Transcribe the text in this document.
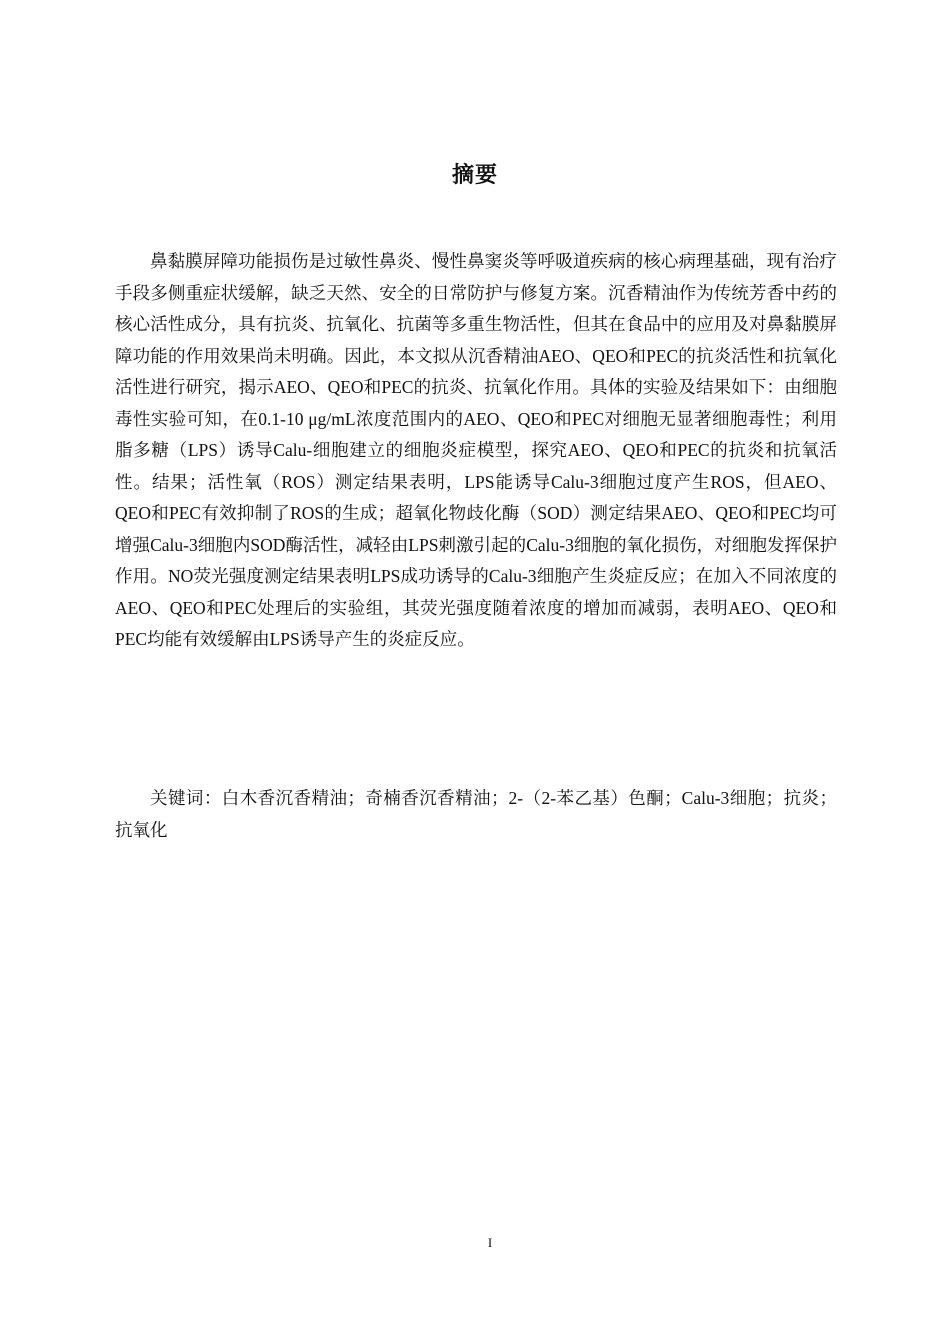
摘要

鼻黏膜屏障功能损伤是过敏性鼻炎、慢性鼻窦炎等呼吸道疾病的核心病理基础，现有治疗手段多侧重症状缓解，缺乏天然、安全的日常防护与修复方案。沉香精油作为传统芳香中药的核心活性成分，具有抗炎、抗氧化、抗菌等多重生物活性，但其在食品中的应用及对鼻黏膜屏障功能的作用效果尚未明确。因此，本文拟从沉香精油AEO、QEO和PEC的抗炎活性和抗氧化活性进行研究，揭示AEO、QEO和PEC的抗炎、抗氧化作用。具体的实验及结果如下：由细胞毒性实验可知，在0.1-10 μg/mL浓度范围内的AEO、QEO和PEC对细胞无显著细胞毒性；利用脂多糖（LPS）诱导Calu-细胞建立的细胞炎症模型，探究AEO、QEO和PEC的抗炎和抗氧活性。结果；活性氧（ROS）测定结果表明，LPS能诱导Calu-3细胞过度产生ROS，但AEO、QEO和PEC有效抑制了ROS的生成；超氧化物歧化酶（SOD）测定结果AEO、QEO和PEC均可增强Calu-3细胞内SOD酶活性，减轻由LPS刺激引起的Calu-3细胞的氧化损伤，对细胞发挥保护作用。NO荧光强度测定结果表明LPS成功诱导的Calu-3细胞产生炎症反应；在加入不同浓度的AEO、QEO和PEC处理后的实验组，其荧光强度随着浓度的增加而减弱，表明AEO、QEO和PEC均能有效缓解由LPS诱导产生的炎症反应。

关键词：白木香沉香精油；奇楠香沉香精油；2-（2-苯乙基）色酮；Calu-3细胞；抗炎；抗氧化

I
